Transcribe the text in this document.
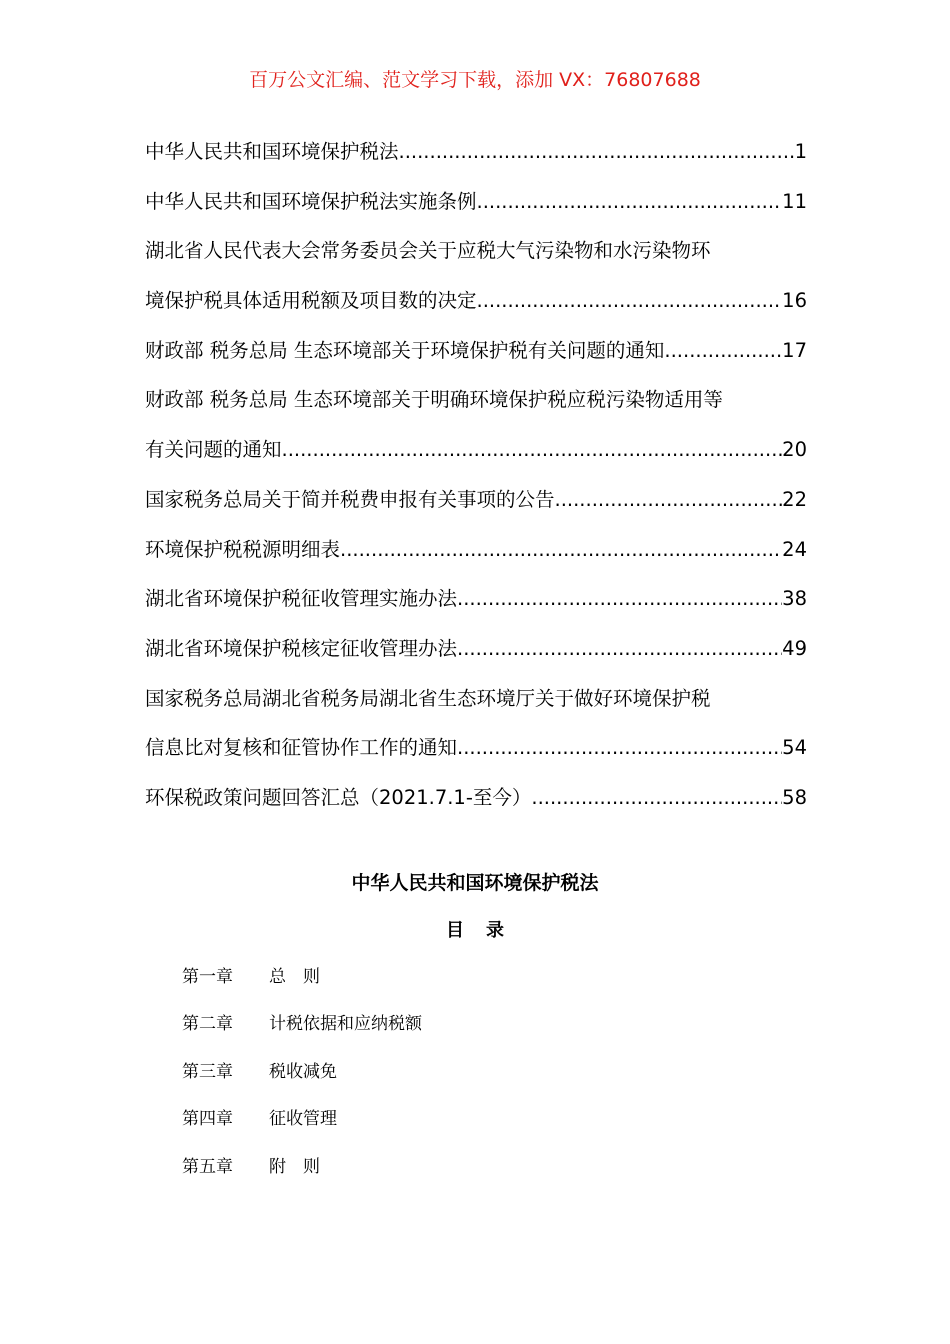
百万公文汇编、范文学习下载，添加 VX：76807688
中华人民共和国环境保护税法 .....	1
中华人民共和国环境保护税法实施条例 .....	11
湖北省人民代表大会常务委员会关于应税大气污染物和水污染物环
境保护税具体适用税额及项目数的决定 .....	16
财政部 税务总局 生态环境部关于环境保护税有关问题的通知 .....	17
财政部 税务总局 生态环境部关于明确环境保护税应税污染物适用等
有关问题的通知 .....	20
国家税务总局关于简并税费申报有关事项的公告 .....	22
环境保护税税源明细表 .....	24
湖北省环境保护税征收管理实施办法 .....	38
湖北省环境保护税核定征收管理办法 .....	49
国家税务总局湖北省税务局湖北省生态环境厅关于做好环境保护税
信息比对复核和征管协作工作的通知 .....	54
环保税政策问题回答汇总（2021.7.1-至今） .....	58
中华人民共和国环境保护税法
目录
第一章 总　则
第二章 计税依据和应纳税额
第三章 税收减免
第四章 征收管理
第五章 附　则
